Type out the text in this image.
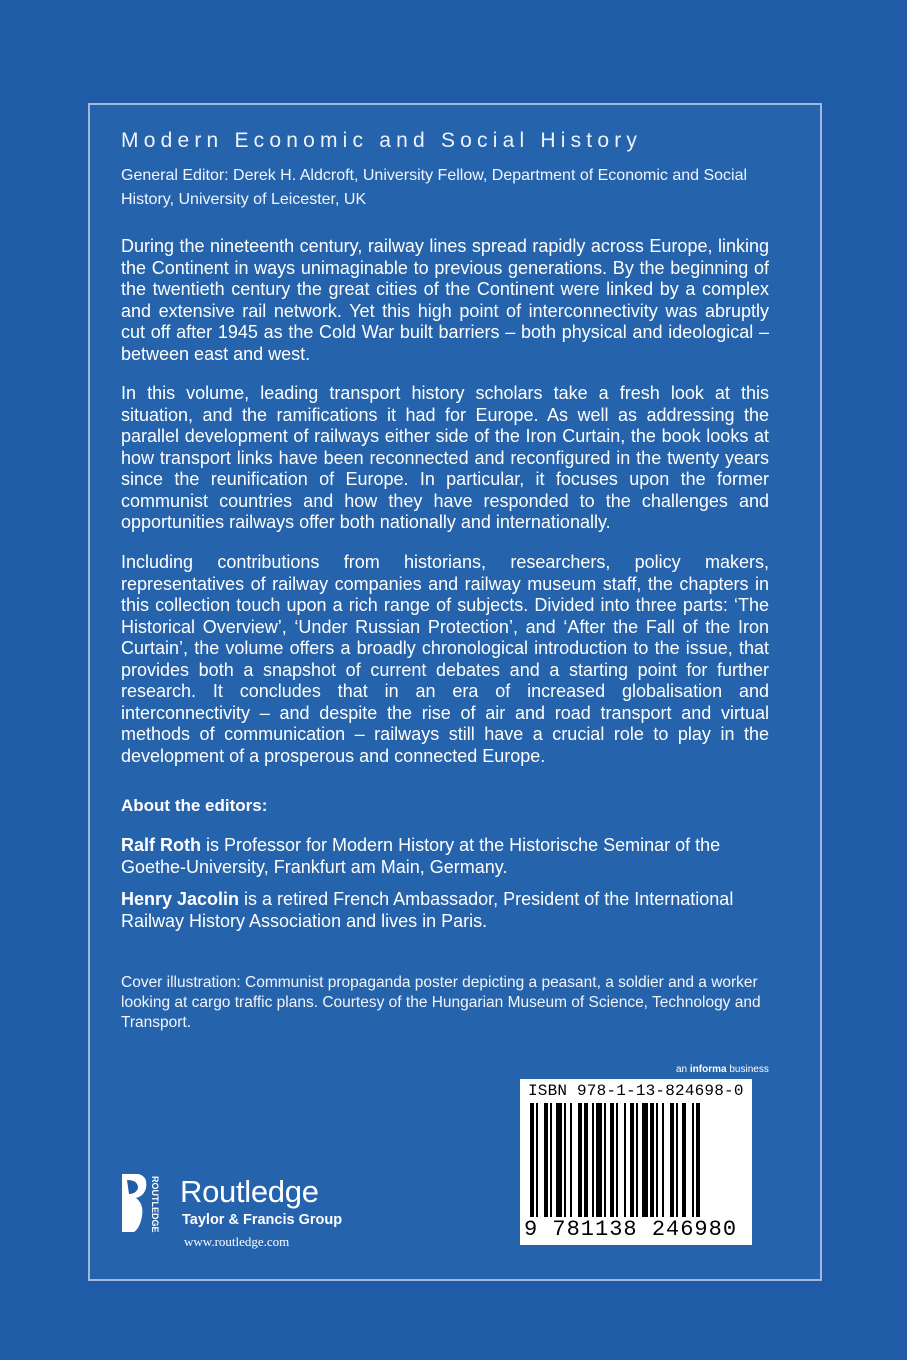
Modern Economic and Social History
General Editor: Derek H. Aldcroft, University Fellow, Department of Economic and Social History, University of Leicester, UK
During the nineteenth century, railway lines spread rapidly across Europe, linking the Continent in ways unimaginable to previous generations. By the beginning of the twentieth century the great cities of the Continent were linked by a complex and extensive rail network. Yet this high point of interconnectivity was abruptly cut off after 1945 as the Cold War built barriers – both physical and ideological – between east and west.
In this volume, leading transport history scholars take a fresh look at this situation, and the ramifications it had for Europe. As well as addressing the parallel development of railways either side of the Iron Curtain, the book looks at how transport links have been reconnected and reconfigured in the twenty years since the reunification of Europe. In particular, it focuses upon the former communist countries and how they have responded to the challenges and opportunities railways offer both nationally and internationally.
Including contributions from historians, researchers, policy makers, representatives of railway companies and railway museum staff, the chapters in this collection touch upon a rich range of subjects. Divided into three parts: ‘The Historical Overview’, ‘Under Russian Protection’, and ‘After the Fall of the Iron Curtain’, the volume offers a broadly chronological introduction to the issue, that provides both a snapshot of current debates and a starting point for further research. It concludes that in an era of increased globalisation and interconnectivity – and despite the rise of air and road transport and virtual methods of communication – railways still have a crucial role to play in the development of a prosperous and connected Europe.
About the editors:
Ralf Roth is Professor for Modern History at the Historische Seminar of the Goethe-University, Frankfurt am Main, Germany.
Henry Jacolin is a retired French Ambassador, President of the International Railway History Association and lives in Paris.
Cover illustration: Communist propaganda poster depicting a peasant, a soldier and a worker looking at cargo traffic plans. Courtesy of the Hungarian Museum of Science, Technology and Transport.
an informa business
ISBN 978-1-13-824698-0
9 781138 246980
ROUTLEDGE Routledge
Taylor & Francis Group
www.routledge.com
